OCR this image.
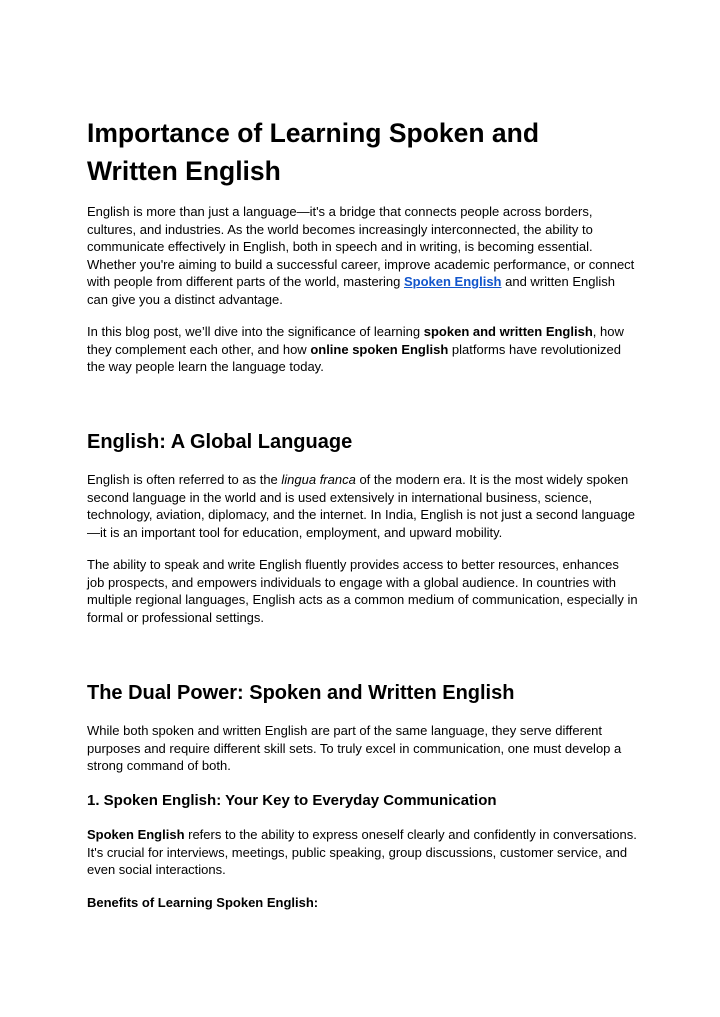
Importance of Learning Spoken and Written English

English is more than just a language—it's a bridge that connects people across borders, cultures, and industries. As the world becomes increasingly interconnected, the ability to communicate effectively in English, both in speech and in writing, is becoming essential. Whether you're aiming to build a successful career, improve academic performance, or connect with people from different parts of the world, mastering Spoken English and written English can give you a distinct advantage.

In this blog post, we’ll dive into the significance of learning spoken and written English, how they complement each other, and how online spoken English platforms have revolutionized the way people learn the language today.

English: A Global Language

English is often referred to as the lingua franca of the modern era. It is the most widely spoken second language in the world and is used extensively in international business, science, technology, aviation, diplomacy, and the internet. In India, English is not just a second language—it is an important tool for education, employment, and upward mobility.

The ability to speak and write English fluently provides access to better resources, enhances job prospects, and empowers individuals to engage with a global audience. In countries with multiple regional languages, English acts as a common medium of communication, especially in formal or professional settings.

The Dual Power: Spoken and Written English

While both spoken and written English are part of the same language, they serve different purposes and require different skill sets. To truly excel in communication, one must develop a strong command of both.

1. Spoken English: Your Key to Everyday Communication

Spoken English refers to the ability to express oneself clearly and confidently in conversations. It's crucial for interviews, meetings, public speaking, group discussions, customer service, and even social interactions.

Benefits of Learning Spoken English:
